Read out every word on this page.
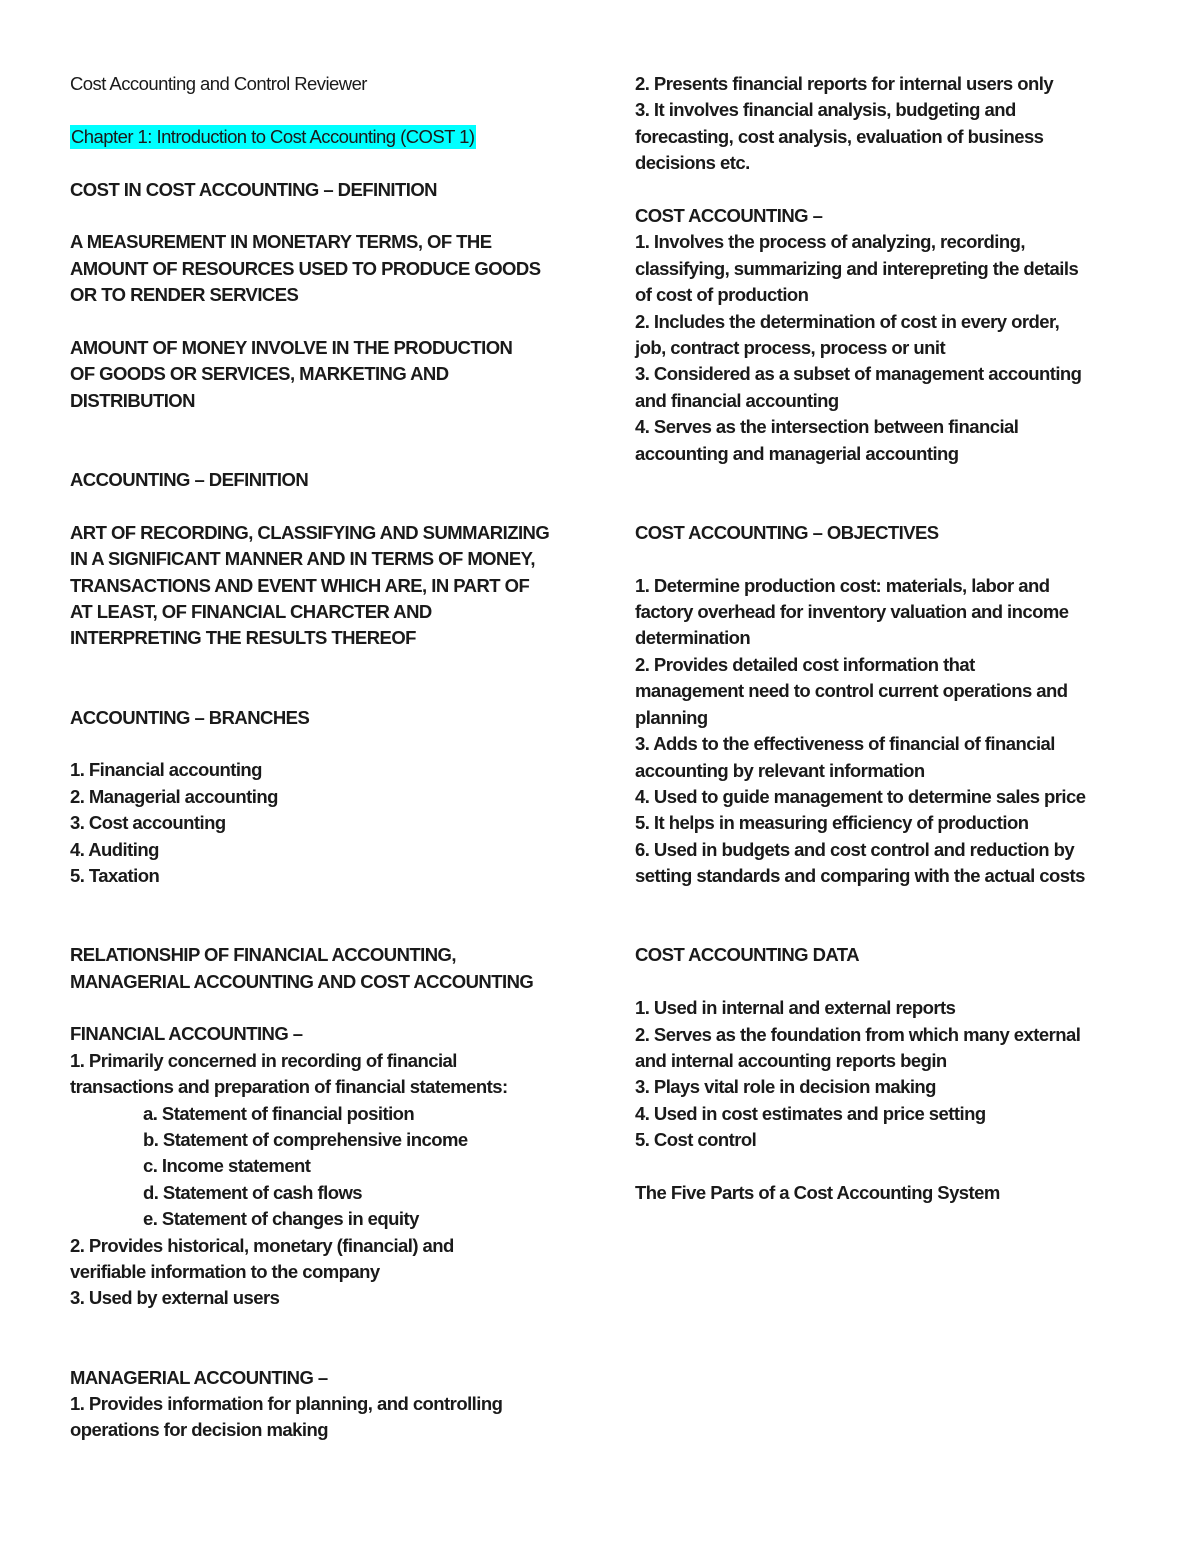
Cost Accounting and Control Reviewer
Chapter 1: Introduction to Cost Accounting (COST 1)
COST IN COST ACCOUNTING – DEFINITION
A MEASUREMENT IN MONETARY TERMS, OF THE
AMOUNT OF RESOURCES USED TO PRODUCE GOODS
OR TO RENDER SERVICES
AMOUNT OF MONEY INVOLVE IN THE PRODUCTION
OF GOODS OR SERVICES, MARKETING AND
DISTRIBUTION
ACCOUNTING – DEFINITION
ART OF RECORDING, CLASSIFYING AND SUMMARIZING
IN A SIGNIFICANT MANNER AND IN TERMS OF MONEY,
TRANSACTIONS AND EVENT WHICH ARE, IN PART OF
AT LEAST, OF FINANCIAL CHARCTER AND
INTERPRETING THE RESULTS THEREOF
ACCOUNTING – BRANCHES
1. Financial accounting
2. Managerial accounting
3. Cost accounting
4. Auditing
5. Taxation
RELATIONSHIP OF FINANCIAL ACCOUNTING,
MANAGERIAL ACCOUNTING AND COST ACCOUNTING
FINANCIAL ACCOUNTING –
1. Primarily concerned in recording of financial
transactions and preparation of financial statements:
a. Statement of financial position
b. Statement of comprehensive income
c. Income statement
d. Statement of cash flows
e. Statement of changes in equity
2. Provides historical, monetary (financial) and
verifiable information to the company
3. Used by external users
MANAGERIAL ACCOUNTING –
1. Provides information for planning, and controlling
operations for decision making
2. Presents financial reports for internal users only
3. It involves financial analysis, budgeting and
forecasting, cost analysis, evaluation of business
decisions etc.
COST ACCOUNTING –
1. Involves the process of analyzing, recording,
classifying, summarizing and interepreting the details
of cost of production
2. Includes the determination of cost in every order,
job, contract process, process or unit
3. Considered as a subset of management accounting
and financial accounting
4. Serves as the intersection between financial
accounting and managerial accounting
COST ACCOUNTING – OBJECTIVES
1. Determine production cost: materials, labor and
factory overhead for inventory valuation and income
determination
2. Provides detailed cost information that
management need to control current operations and
planning
3. Adds to the effectiveness of financial of financial
accounting by relevant information
4. Used to guide management to determine sales price
5. It helps in measuring efficiency of production
6. Used in budgets and cost control and reduction by
setting standards and comparing with the actual costs
COST ACCOUNTING DATA
1. Used in internal and external reports
2. Serves as the foundation from which many external
and internal accounting reports begin
3. Plays vital role in decision making
4. Used in cost estimates and price setting
5. Cost control
The Five Parts of a Cost Accounting System
